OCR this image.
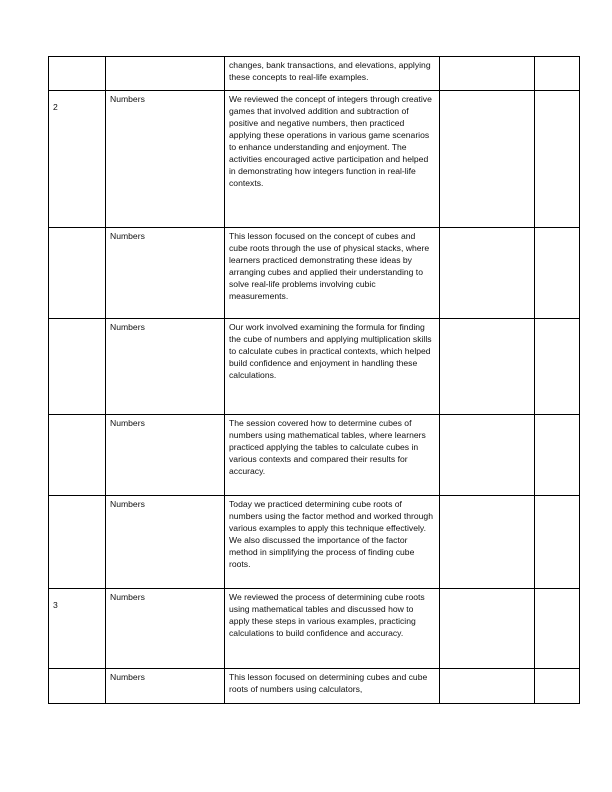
		changes, bank transactions, and elevations, applying these concepts to real-life examples.		

2	Numbers	We reviewed the concept of integers through creative games that involved addition and subtraction of positive and negative numbers, then practiced applying these operations in various game scenarios to enhance understanding and enjoyment. The activities encouraged active participation and helped in demonstrating how integers function in real-life contexts.		

	Numbers	This lesson focused on the concept of cubes and cube roots through the use of physical stacks, where learners practiced demonstrating these ideas by arranging cubes and applied their understanding to solve real-life problems involving cubic measurements.		

	Numbers	Our work involved examining the formula for finding the cube of numbers and applying multiplication skills to calculate cubes in practical contexts, which helped build confidence and enjoyment in handling these calculations.		

	Numbers	The session covered how to determine cubes of numbers using mathematical tables, where learners practiced applying the tables to calculate cubes in various contexts and compared their results for accuracy.		

	Numbers	Today we practiced determining cube roots of numbers using the factor method and worked through various examples to apply this technique effectively. We also discussed the importance of the factor method in simplifying the process of finding cube roots.		

3	Numbers	We reviewed the process of determining cube roots using mathematical tables and discussed how to apply these steps in various examples, practicing calculations to build confidence and accuracy.		

	Numbers	This lesson focused on determining cubes and cube roots of numbers using calculators,		
